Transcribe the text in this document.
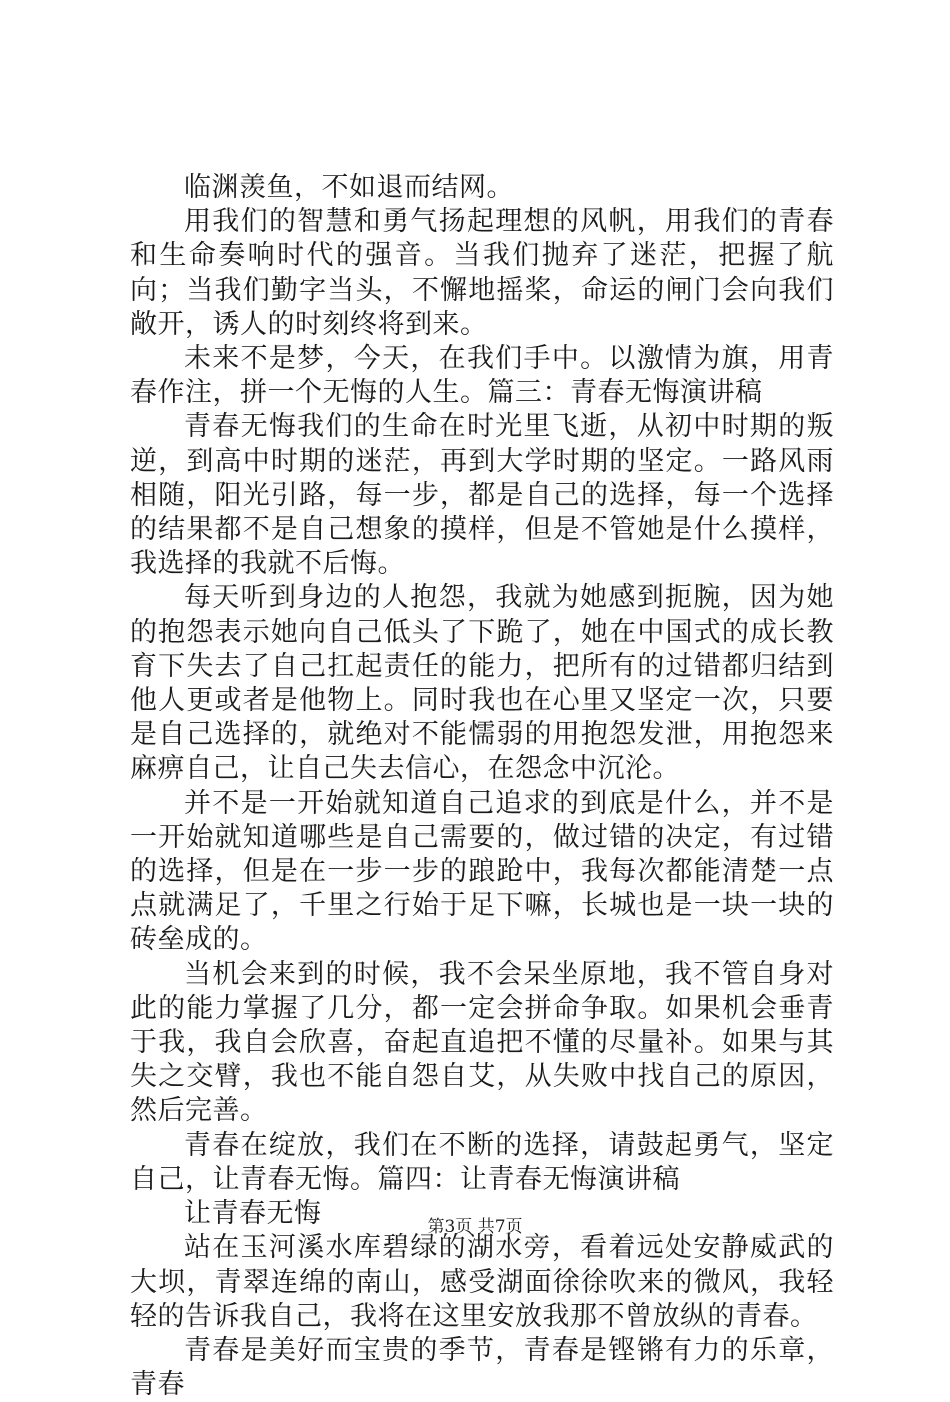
临渊羡鱼，不如退而结网。

用我们的智慧和勇气扬起理想的风帆，用我们的青春和生命奏响时代的强音。当我们抛弃了迷茫，把握了航向；当我们勤字当头，不懈地摇桨，命运的闸门会向我们敞开，诱人的时刻终将到来。

未来不是梦，今天，在我们手中。以激情为旗，用青春作注，拼一个无悔的人生。篇三：青春无悔演讲稿

青春无悔我们的生命在时光里飞逝，从初中时期的叛逆，到高中时期的迷茫，再到大学时期的坚定。一路风雨相随，阳光引路，每一步，都是自己的选择，每一个选择的结果都不是自己想象的摸样，但是不管她是什么摸样，我选择的我就不后悔。

每天听到身边的人抱怨，我就为她感到扼腕，因为她的抱怨表示她向自己低头了下跪了，她在中国式的成长教育下失去了自己扛起责任的能力，把所有的过错都归结到他人更或者是他物上。同时我也在心里又坚定一次，只要是自己选择的，就绝对不能懦弱的用抱怨发泄，用抱怨来麻痹自己，让自己失去信心，在怨念中沉沦。

并不是一开始就知道自己追求的到底是什么，并不是一开始就知道哪些是自己需要的，做过错的决定，有过错的选择，但是在一步一步的踉跄中，我每次都能清楚一点点就满足了，千里之行始于足下嘛，长城也是一块一块的砖垒成的。

当机会来到的时候，我不会呆坐原地，我不管自身对此的能力掌握了几分，都一定会拼命争取。如果机会垂青于我，我自会欣喜，奋起直追把不懂的尽量补。如果与其失之交臂，我也不能自怨自艾，从失败中找自己的原因，然后完善。

青春在绽放，我们在不断的选择，请鼓起勇气，坚定自己，让青春无悔。篇四：让青春无悔演讲稿

让青春无悔

站在玉河溪水库碧绿的湖水旁，看着远处安静威武的大坝，青翠连绵的南山，感受湖面徐徐吹来的微风，我轻轻的告诉我自己，我将在这里安放我那不曾放纵的青春。

青春是美好而宝贵的季节，青春是铿锵有力的乐章，青春

第3页 共7页
